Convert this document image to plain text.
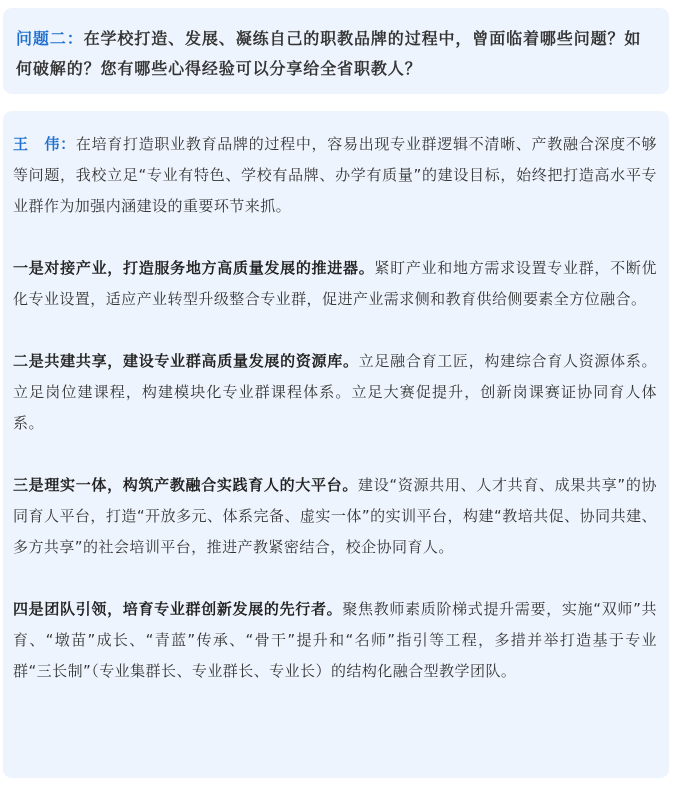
问题二：在学校打造、发展、凝练自己的职教品牌的过程中，曾面临着哪些问题？如何破解的？您有哪些心得经验可以分享给全省职教人？

王　伟：在培育打造职业教育品牌的过程中，容易出现专业群逻辑不清晰、产教融合深度不够等问题，我校立足“专业有特色、学校有品牌、办学有质量”的建设目标，始终把打造高水平专业群作为加强内涵建设的重要环节来抓。

一是对接产业，打造服务地方高质量发展的推进器。紧盯产业和地方需求设置专业群，不断优化专业设置，适应产业转型升级整合专业群，促进产业需求侧和教育供给侧要素全方位融合。

二是共建共享，建设专业群高质量发展的资源库。立足融合育工匠，构建综合育人资源体系。立足岗位建课程，构建模块化专业群课程体系。立足大赛促提升，创新岗课赛证协同育人体系。

三是理实一体，构筑产教融合实践育人的大平台。建设“资源共用、人才共育、成果共享”的协同育人平台，打造“开放多元、体系完备、虚实一体”的实训平台，构建“教培共促、协同共建、多方共享”的社会培训平台，推进产教紧密结合，校企协同育人。

四是团队引领，培育专业群创新发展的先行者。聚焦教师素质阶梯式提升需要，实施“双师”共育、“墩苗”成长、“青蓝”传承、“骨干”提升和“名师”指引等工程，多措并举打造基于专业群“三长制”（专业集群长、专业群长、专业长）的结构化融合型教学团队。
